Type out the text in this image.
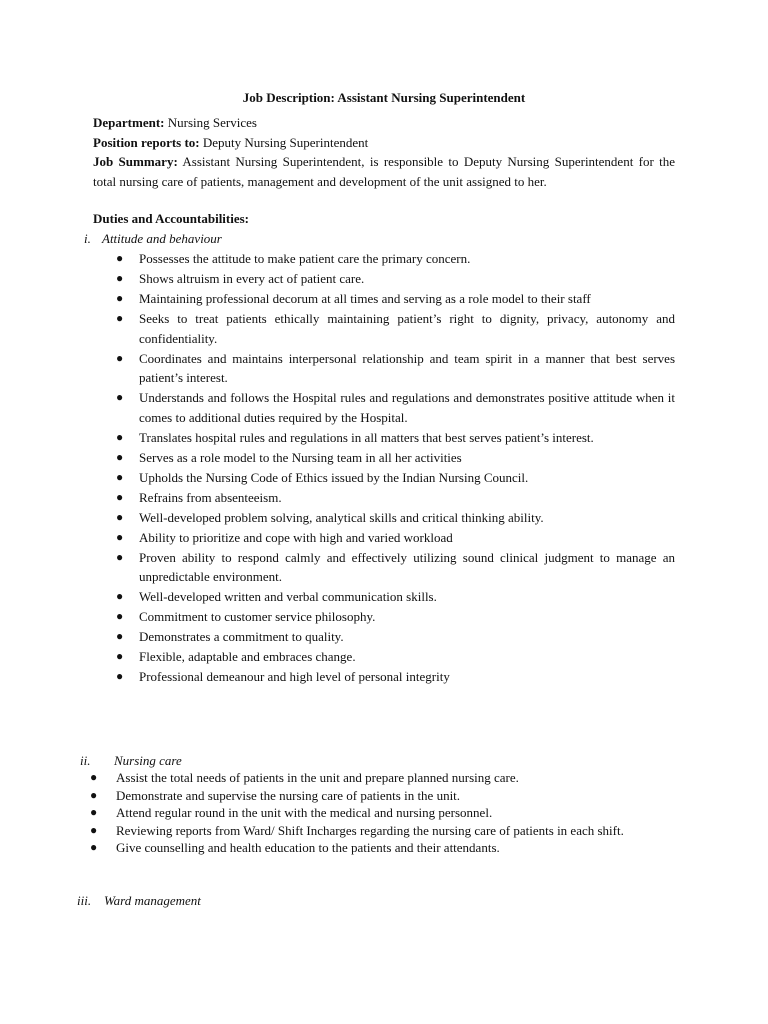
Job Description: Assistant Nursing Superintendent
Department: Nursing Services
Position reports to: Deputy Nursing Superintendent
Job Summary: Assistant Nursing Superintendent, is responsible to Deputy Nursing Superintendent for the total nursing care of patients, management and development of the unit assigned to her.
Duties and Accountabilities:
i. Attitude and behaviour
● Possesses the attitude to make patient care the primary concern.
● Shows altruism in every act of patient care.
● Maintaining professional decorum at all times and serving as a role model to their staff
● Seeks to treat patients ethically maintaining patient’s right to dignity, privacy, autonomy and confidentiality.
● Coordinates and maintains interpersonal relationship and team spirit in a manner that best serves patient’s interest.
● Understands and follows the Hospital rules and regulations and demonstrates positive attitude when it comes to additional duties required by the Hospital.
● Translates hospital rules and regulations in all matters that best serves patient’s interest.
● Serves as a role model to the Nursing team in all her activities
● Upholds the Nursing Code of Ethics issued by the Indian Nursing Council.
● Refrains from absenteeism.
● Well-developed problem solving, analytical skills and critical thinking ability.
● Ability to prioritize and cope with high and varied workload
● Proven ability to respond calmly and effectively utilizing sound clinical judgment to manage an unpredictable environment.
● Well-developed written and verbal communication skills.
● Commitment to customer service philosophy.
● Demonstrates a commitment to quality.
● Flexible, adaptable and embraces change.
● Professional demeanour and high level of personal integrity
ii. Nursing care
● Assist the total needs of patients in the unit and prepare planned nursing care.
● Demonstrate and supervise the nursing care of patients in the unit.
● Attend regular round in the unit with the medical and nursing personnel.
● Reviewing reports from Ward/ Shift Incharges regarding the nursing care of patients in each shift.
● Give counselling and health education to the patients and their attendants.
iii. Ward management
